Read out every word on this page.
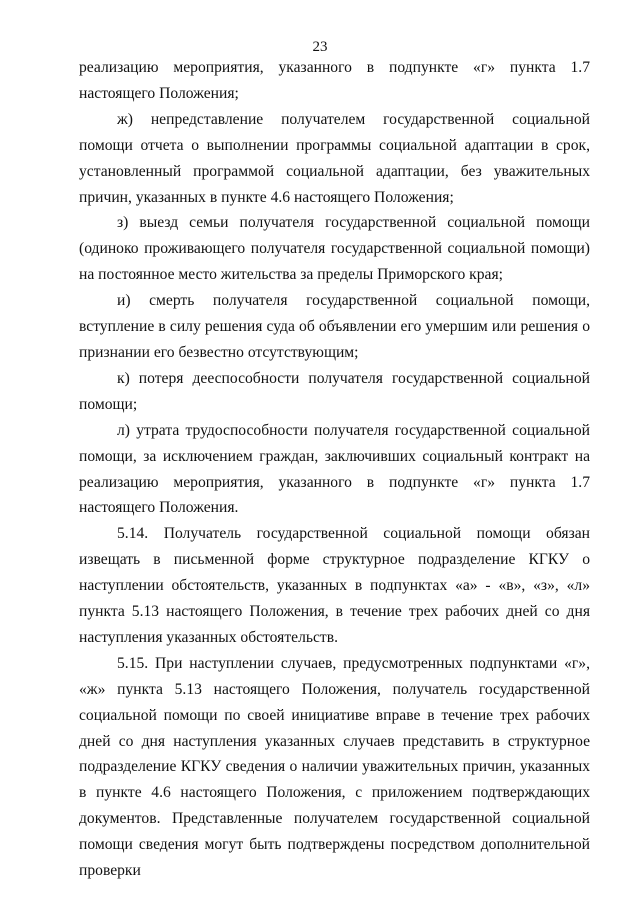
23

реализацию мероприятия, указанного в подпункте «г» пункта 1.7 настоящего Положения;

ж) непредставление получателем государственной социальной помощи отчета о выполнении программы социальной адаптации в срок, установленный программой социальной адаптации, без уважительных причин, указанных в пункте 4.6 настоящего Положения;

з) выезд семьи получателя государственной социальной помощи (одиноко проживающего получателя государственной социальной помощи) на постоянное место жительства за пределы Приморского края;

и) смерть получателя государственной социальной помощи, вступление в силу решения суда об объявлении его умершим или решения о признании его безвестно отсутствующим;

к) потеря дееспособности получателя государственной социальной помощи;

л) утрата трудоспособности получателя государственной социальной помощи, за исключением граждан, заключивших социальный контракт на реализацию мероприятия, указанного в подпункте «г» пункта 1.7 настоящего Положения.

5.14. Получатель государственной социальной помощи обязан извещать в письменной форме структурное подразделение КГКУ о наступлении обстоятельств, указанных в подпунктах «а» - «в», «з», «л» пункта 5.13 настоящего Положения, в течение трех рабочих дней со дня наступления указанных обстоятельств.

5.15. При наступлении случаев, предусмотренных подпунктами «г», «ж» пункта 5.13 настоящего Положения, получатель государственной социальной помощи по своей инициативе вправе в течение трех рабочих дней со дня наступления указанных случаев представить в структурное подразделение КГКУ сведения о наличии уважительных причин, указанных в пункте 4.6 настоящего Положения, с приложением подтверждающих документов. Представленные получателем государственной социальной помощи сведения могут быть подтверждены посредством дополнительной проверки
